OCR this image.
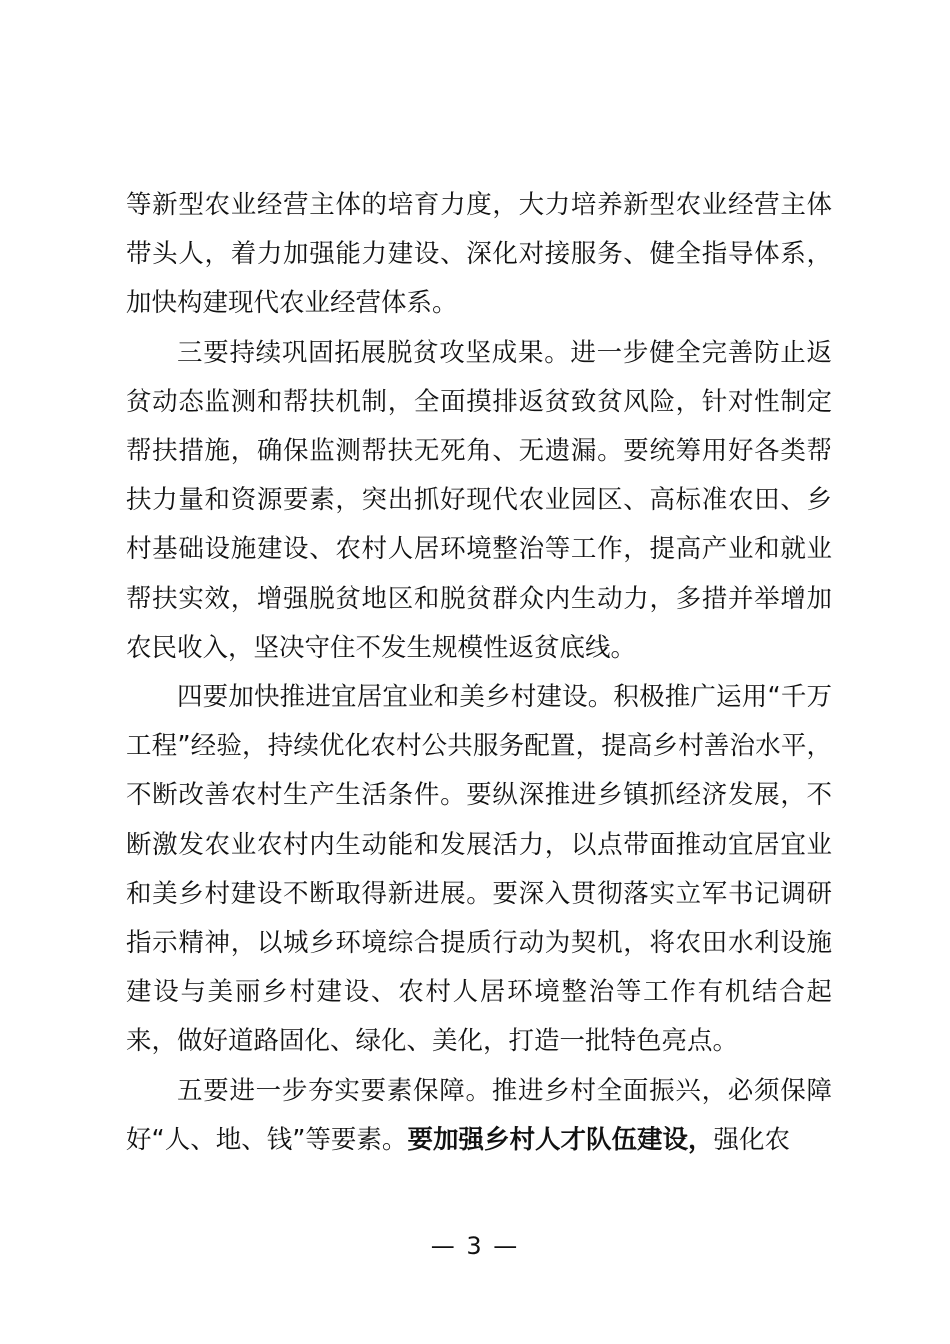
等新型农业经营主体的培育力度，大力培养新型农业经营主体带头人，着力加强能力建设、深化对接服务、健全指导体系，加快构建现代农业经营体系。

三要持续巩固拓展脱贫攻坚成果。进一步健全完善防止返贫动态监测和帮扶机制，全面摸排返贫致贫风险，针对性制定帮扶措施，确保监测帮扶无死角、无遗漏。要统筹用好各类帮扶力量和资源要素，突出抓好现代农业园区、高标准农田、乡村基础设施建设、农村人居环境整治等工作，提高产业和就业帮扶实效，增强脱贫地区和脱贫群众内生动力，多措并举增加农民收入，坚决守住不发生规模性返贫底线。

四要加快推进宜居宜业和美乡村建设。积极推广运用“千万工程”经验，持续优化农村公共服务配置，提高乡村善治水平，不断改善农村生产生活条件。要纵深推进乡镇抓经济发展，不断激发农业农村内生动能和发展活力，以点带面推动宜居宜业和美乡村建设不断取得新进展。要深入贯彻落实立军书记调研指示精神，以城乡环境综合提质行动为契机，将农田水利设施建设与美丽乡村建设、农村人居环境整治等工作有机结合起来，做好道路固化、绿化、美化，打造一批特色亮点。

五要进一步夯实要素保障。推进乡村全面振兴，必须保障好“人、地、钱”等要素。要加强乡村人才队伍建设，强化农

— 3 —
